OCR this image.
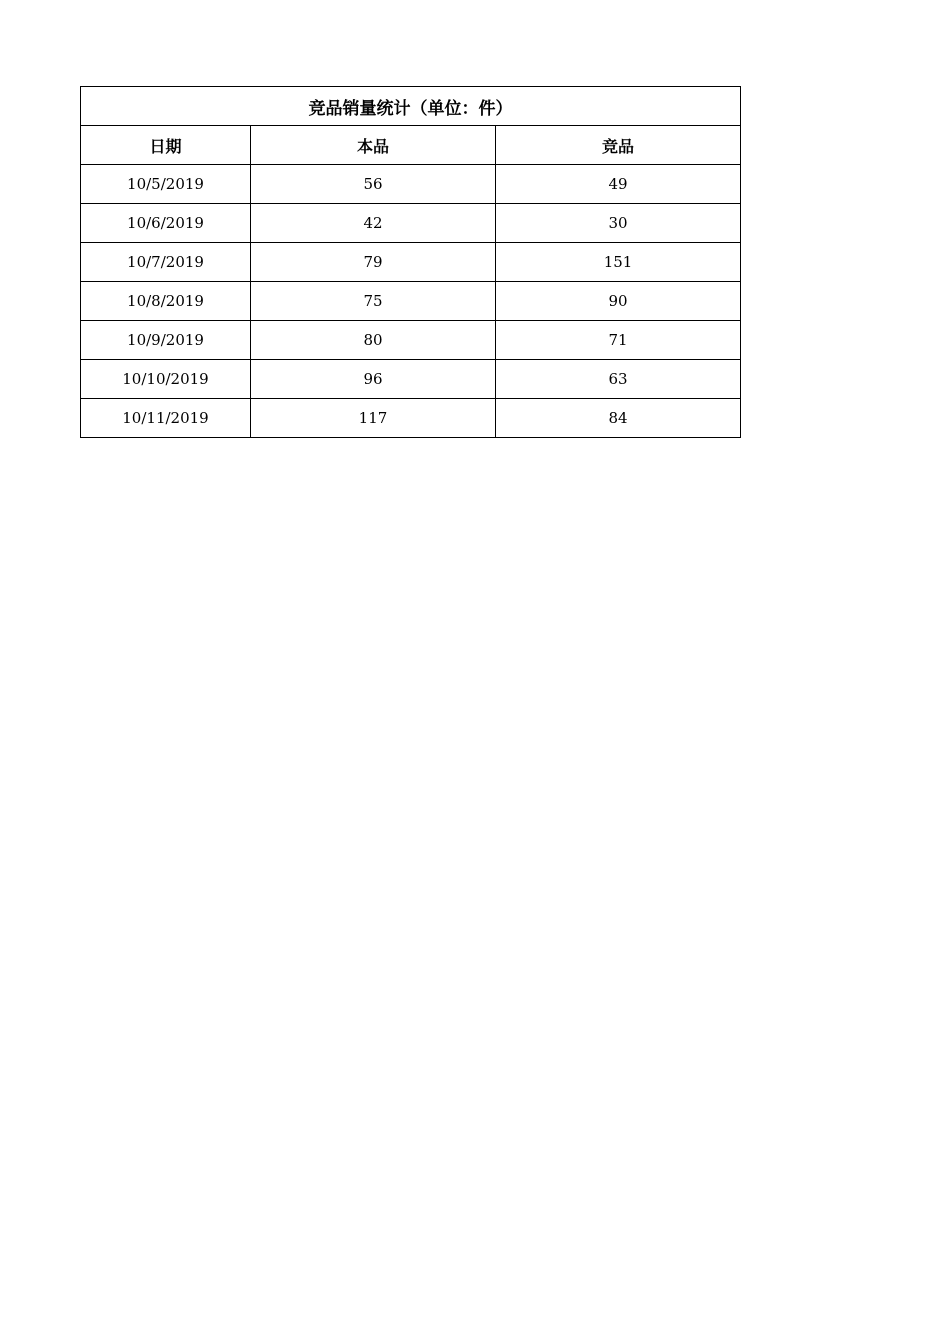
竞品销量统计（单位：件）		
日期	本品	竞品
10/5/2019	56	49
10/6/2019	42	30
10/7/2019	79	151
10/8/2019	75	90
10/9/2019	80	71
10/10/2019	96	63
10/11/2019	117	84
